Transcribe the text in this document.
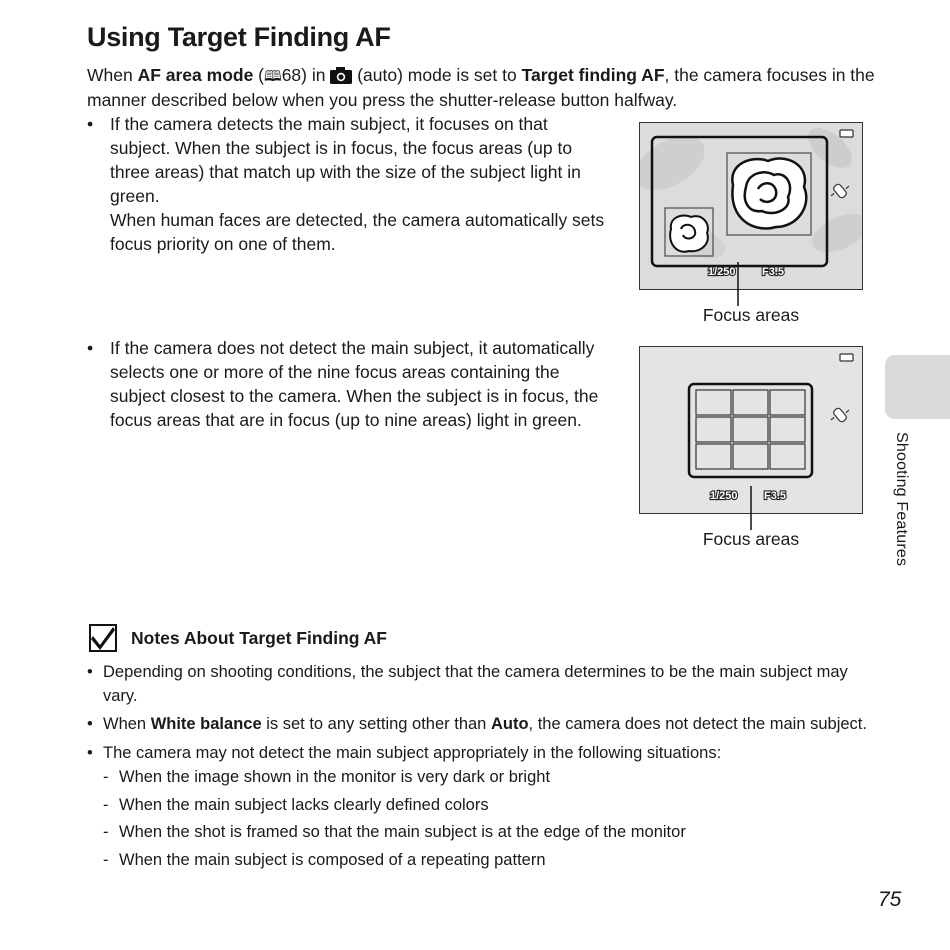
Using Target Finding AF

When AF area mode (🕮68) in  (auto) mode is set to Target finding AF, the camera focuses in the manner described below when you press the shutter-release button halfway.

• If the camera detects the main subject, it focuses on that subject. When the subject is in focus, the focus areas (up to three areas) that match up with the size of the subject light in green.

When human faces are detected, the camera automatically sets focus priority on one of them.

1/250 F3.5
Focus areas

• If the camera does not detect the main subject, it automatically selects one or more of the nine focus areas containing the subject closest to the camera. When the subject is in focus, the focus areas that are in focus (up to nine areas) light in green.

1/250 F3.5
Focus areas	Shooting Features
Notes About Target Finding AF
• Depending on shooting conditions, the subject that the camera determines to be the main subject may vary.
• When White balance is set to any setting other than Auto, the camera does not detect the main subject.
• The camera may not detect the main subject appropriately in the following situations:
- When the image shown in the monitor is very dark or bright
- When the main subject lacks clearly defined colors
- When the shot is framed so that the main subject is at the edge of the monitor
- When the main subject is composed of a repeating pattern
75
